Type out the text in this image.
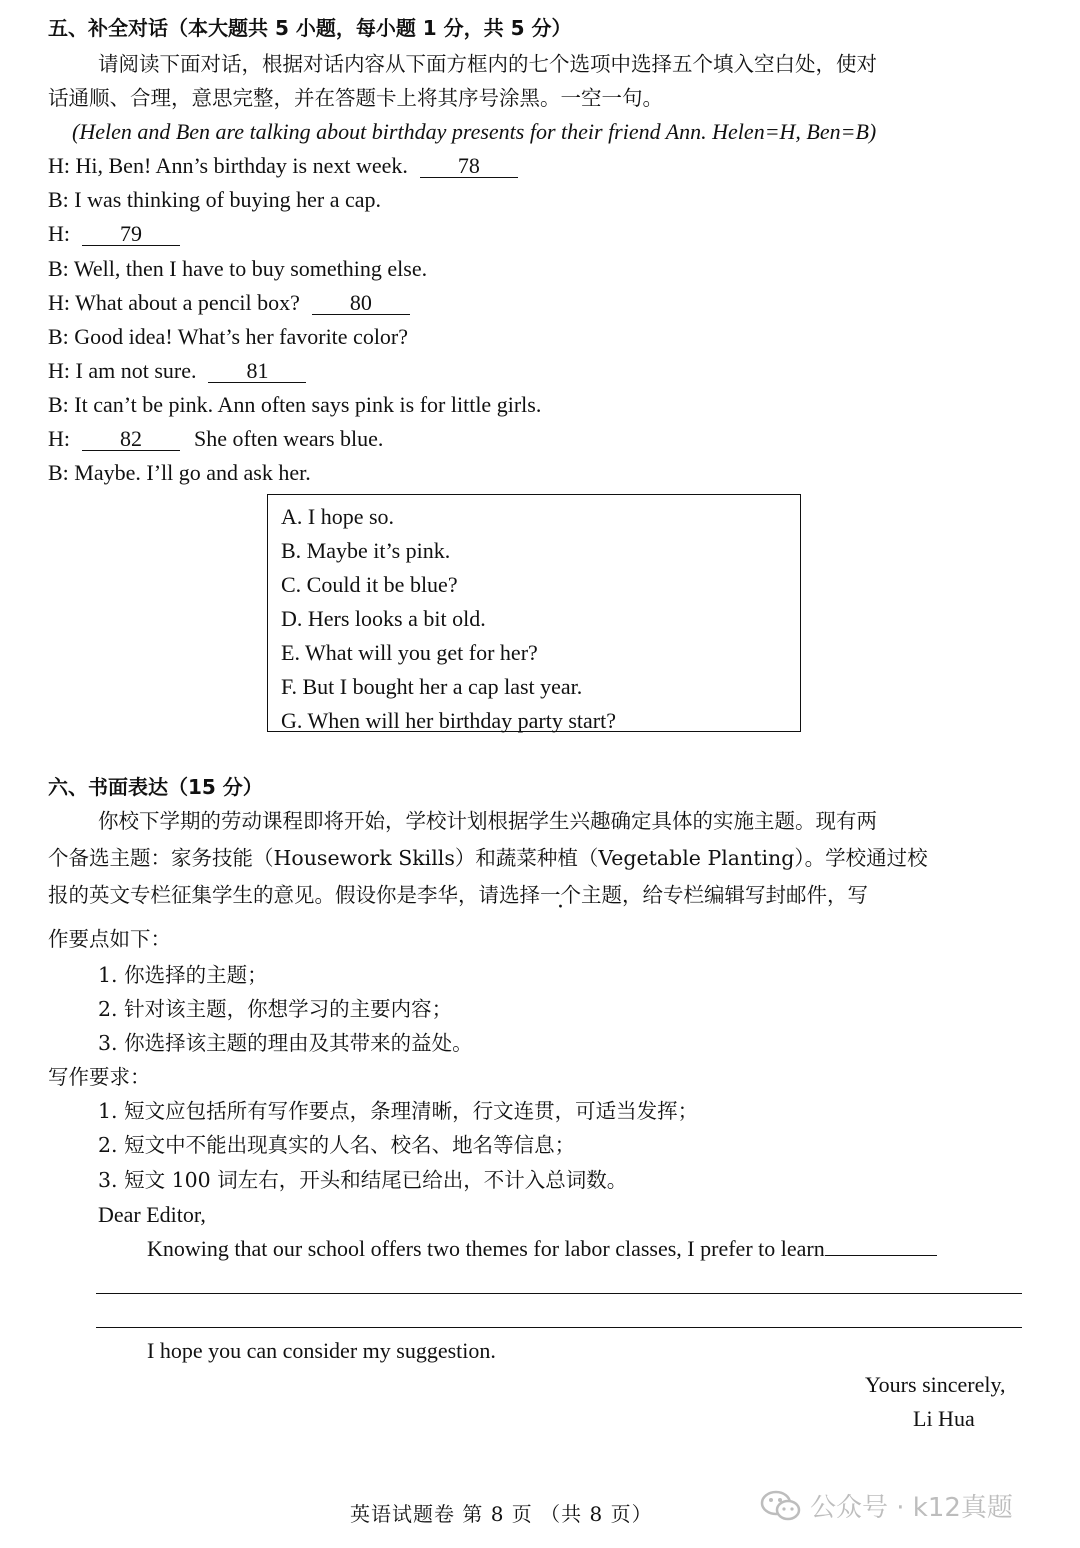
五、补全对话（本大题共 5 小题，每小题 1 分，共 5 分）
请阅读下面对话，根据对话内容从下面方框内的七个选项中选择五个填入空白处，使对
话通顺、合理，意思完整，并在答题卡上将其序号涂黑。一空一句。
(Helen and Ben are talking about birthday presents for their friend Ann. Helen=H, Ben=B)
H: Hi, Ben! Ann’s birthday is next week. 78
B: I was thinking of buying her a cap.
H: 79
B: Well, then I have to buy something else.
H: What about a pencil box? 80
B: Good idea! What’s her favorite color?
H: I am not sure. 81
B: It can’t be pink. Ann often says pink is for little girls.
H: 82 She often wears blue.
B: Maybe. I’ll go and ask her.
A. I hope so.
B. Maybe it’s pink.
C. Could it be blue?
D. Hers looks a bit old.
E. What will you get for her?
F. But I bought her a cap last year.
G. When will her birthday party start?
六、书面表达（15 分）
你校下学期的劳动课程即将开始，学校计划根据学生兴趣确定具体的实施主题。现有两
个备选主题：家务技能（Housework Skills）和蔬菜种植（Vegetable Planting）。学校通过校
报的英文专栏征集学生的意见。假设你是李华，请选择一个主题，给专栏编辑写封邮件，写
作要点如下：
1. 你选择的主题；
2. 针对该主题，你想学习的主要内容；
3. 你选择该主题的理由及其带来的益处。
写作要求：
1. 短文应包括所有写作要点，条理清晰，行文连贯，可适当发挥；
2. 短文中不能出现真实的人名、校名、地名等信息；
3. 短文 100 词左右，开头和结尾已给出，不计入总词数。
Dear Editor,
Knowing that our school offers two themes for labor classes, I prefer to learn
I hope you can consider my suggestion.
Yours sincerely,
Li Hua
英语试题卷 第 8 页 （共 8 页）	公众号 · k12真题
